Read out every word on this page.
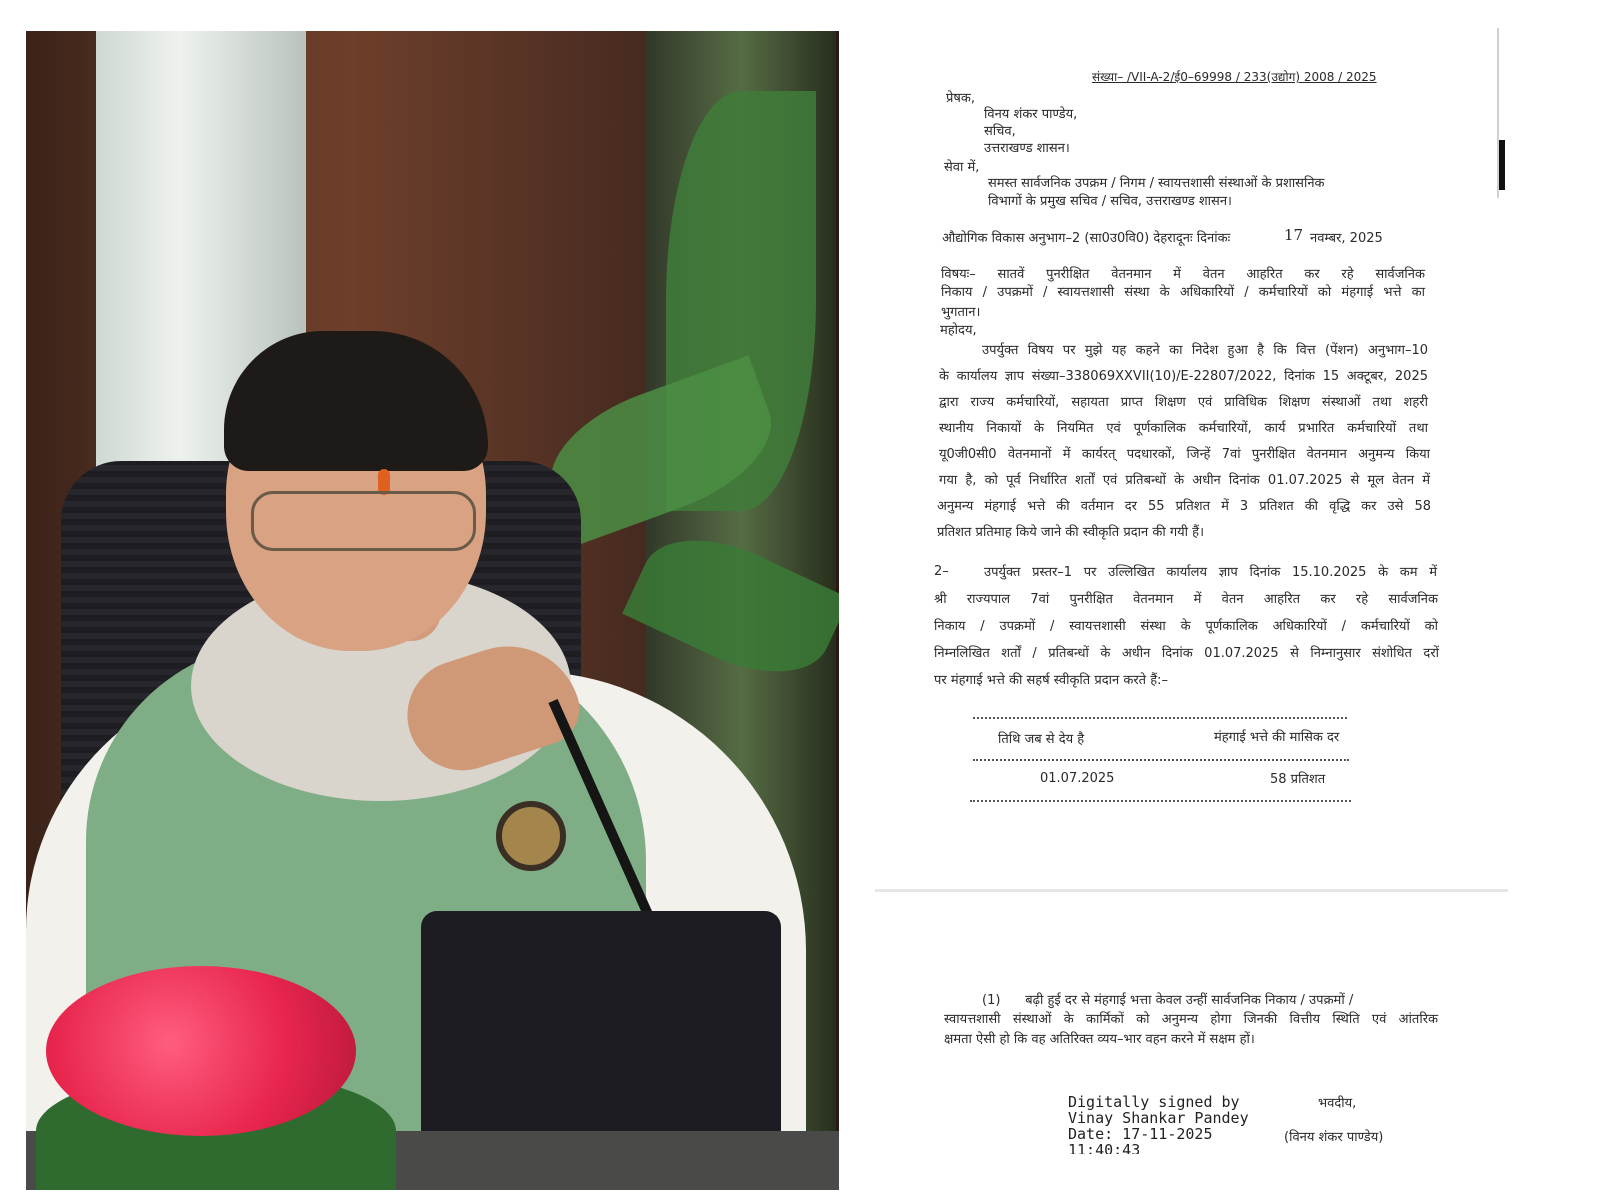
संख्या– /VII-A-2/ई0–69998 / 233(उद्योग) 2008 / 2025
प्रेषक,
विनय शंकर पाण्डेय,
सचिव,
उत्तराखण्ड शासन।
सेवा में,
समस्त सार्वजनिक उपक्रम / निगम / स्वायत्तशासी संस्थाओं के प्रशासनिक
विभागों के प्रमुख सचिव / सचिव, उत्तराखण्ड शासन।
औद्योगिक विकास अनुभाग–2 (सा0उ0वि0) देहरादूनः दिनांकः	17 नवम्बर, 2025
विषयः– सातवें पुनरीक्षित वेतनमान में वेतन आहरित कर रहे सार्वजनिक
निकाय / उपक्रमों / स्वायत्तशासी संस्था के अधिकारियों / कर्मचारियों को मंहगाई भत्ते का
भुगतान।
महोदय,
उपर्युक्त विषय पर मुझे यह कहने का निदेश हुआ है कि वित्त (पेंशन) अनुभाग–10
के कार्यालय ज्ञाप संख्या–338069XXVII(10)/E-22807/2022, दिनांक 15 अक्टूबर, 2025
द्वारा राज्य कर्मचारियों, सहायता प्राप्त शिक्षण एवं प्राविधिक शिक्षण संस्थाओं तथा शहरी
स्थानीय निकायों के नियमित एवं पूर्णकालिक कर्मचारियों, कार्य प्रभारित कर्मचारियों तथा
यू0जी0सी0 वेतनमानों में कार्यरत् पदधारकों, जिन्हें 7वां पुनरीक्षित वेतनमान अनुमन्य किया
गया है, को पूर्व निर्धारित शर्तों एवं प्रतिबन्धों के अधीन दिनांक 01.07.2025 से मूल वेतन में
अनुमन्य मंहगाई भत्ते की वर्तमान दर 55 प्रतिशत में 3 प्रतिशत की वृद्धि कर उसे 58
प्रतिशत प्रतिमाह किये जाने की स्वीकृति प्रदान की गयी हैं।
2–	उपर्युक्त प्रस्तर–1 पर उल्लिखित कार्यालय ज्ञाप दिनांक 15.10.2025 के कम में
श्री राज्यपाल 7वां पुनरीक्षित वेतनमान में वेतन आहरित कर रहे सार्वजनिक
निकाय / उपक्रमों / स्वायत्तशासी संस्था के पूर्णकालिक अधिकारियों / कर्मचारियों को
निम्नलिखित शर्तों / प्रतिबन्धों के अधीन दिनांक 01.07.2025 से निम्नानुसार संशोधित दरों
पर मंहगाई भत्ते की सहर्ष स्वीकृति प्रदान करते हैं:–
तिथि जब से देय है	मंहगाई भत्ते की मासिक दर
01.07.2025	58 प्रतिशत
(1)      बढ़ी हुई दर से मंहगाई भत्ता केवल उन्हीं सार्वजनिक निकाय / उपक्रमों /
स्वायत्तशासी संस्थाओं के कार्मिकों को अनुमन्य होगा जिनकी वित्तीय स्थिति एवं आंतरिक
क्षमता ऐसी हो कि वह अतिरिक्त व्यय–भार वहन करने में सक्षम हों।
Digitally signed by
Vinay Shankar Pandey
Date: 17-11-2025
11:40:43
भवदीय,
(विनय शंकर पाण्डेय)
